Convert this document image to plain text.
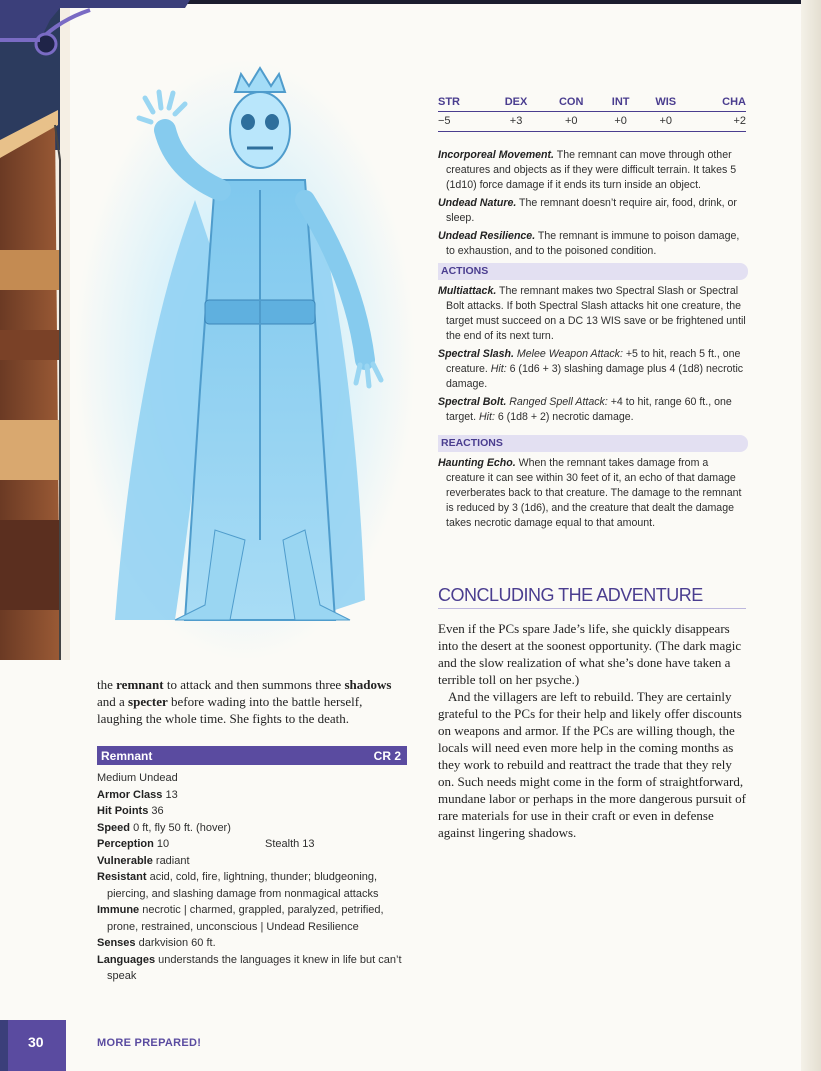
STR	DEX	CON	INT	WIS	CHA
−5	+3	+0	+0	+0	+2

Incorporeal Movement. The remnant can move through other creatures and objects as if they were difficult terrain. It takes 5 (1d10) force damage if it ends its turn inside an object.

Undead Nature. The remnant doesn’t require air, food, drink, or sleep.

Undead Resilience. The remnant is immune to poison damage, to exhaustion, and to the poisoned condition.

ACTIONS

Multiattack. The remnant makes two Spectral Slash or Spectral Bolt attacks. If both Spectral Slash attacks hit one creature, the target must succeed on a DC 13 WIS save or be frightened until the end of its next turn.

Spectral Slash. Melee Weapon Attack: +5 to hit, reach 5 ft., one creature. Hit: 6 (1d6 + 3) slashing damage plus 4 (1d8) necrotic damage.

Spectral Bolt. Ranged Spell Attack: +4 to hit, range 60 ft., one target. Hit: 6 (1d8 + 2) necrotic damage.

REACTIONS

Haunting Echo. When the remnant takes damage from a creature it can see within 30 feet of it, an echo of that damage reverberates back to that creature. The damage to the remnant is reduced by 3 (1d6), and the creature that dealt the damage takes necrotic damage equal to that amount.

CONCLUDING THE ADVENTURE

Even if the PCs spare Jade’s life, she quickly disappears into the desert at the soonest opportunity. (The dark magic and the slow realization of what she’s done have taken a terrible toll on her psyche.)

And the villagers are left to rebuild. They are certainly grateful to the PCs for their help and likely offer discounts on weapons and armor. If the PCs are willing though, the locals will need even more help in the coming months as they work to rebuild and reattract the trade that they rely on. Such needs might come in the form of straightforward, mundane labor or perhaps in the more dangerous pursuit of rare materials for use in their craft or even in defense against lingering shadows.

the remnant to attack and then summons three shadows and a specter before wading into the battle herself, laughing the whole time. She fights to the death.

Remnant	CR 2
Medium Undead
Armor Class 13
Hit Points 36
Speed 0 ft, fly 50 ft. (hover)
Perception 10	Stealth 13
Vulnerable radiant
Resistant acid, cold, fire, lightning, thunder; bludgeoning, piercing, and slashing damage from nonmagical attacks
Immune necrotic | charmed, grappled, paralyzed, petrified, prone, restrained, unconscious | Undead Resilience
Senses darkvision 60 ft.
Languages understands the languages it knew in life but can’t speak
30	MORE PREPARED!
